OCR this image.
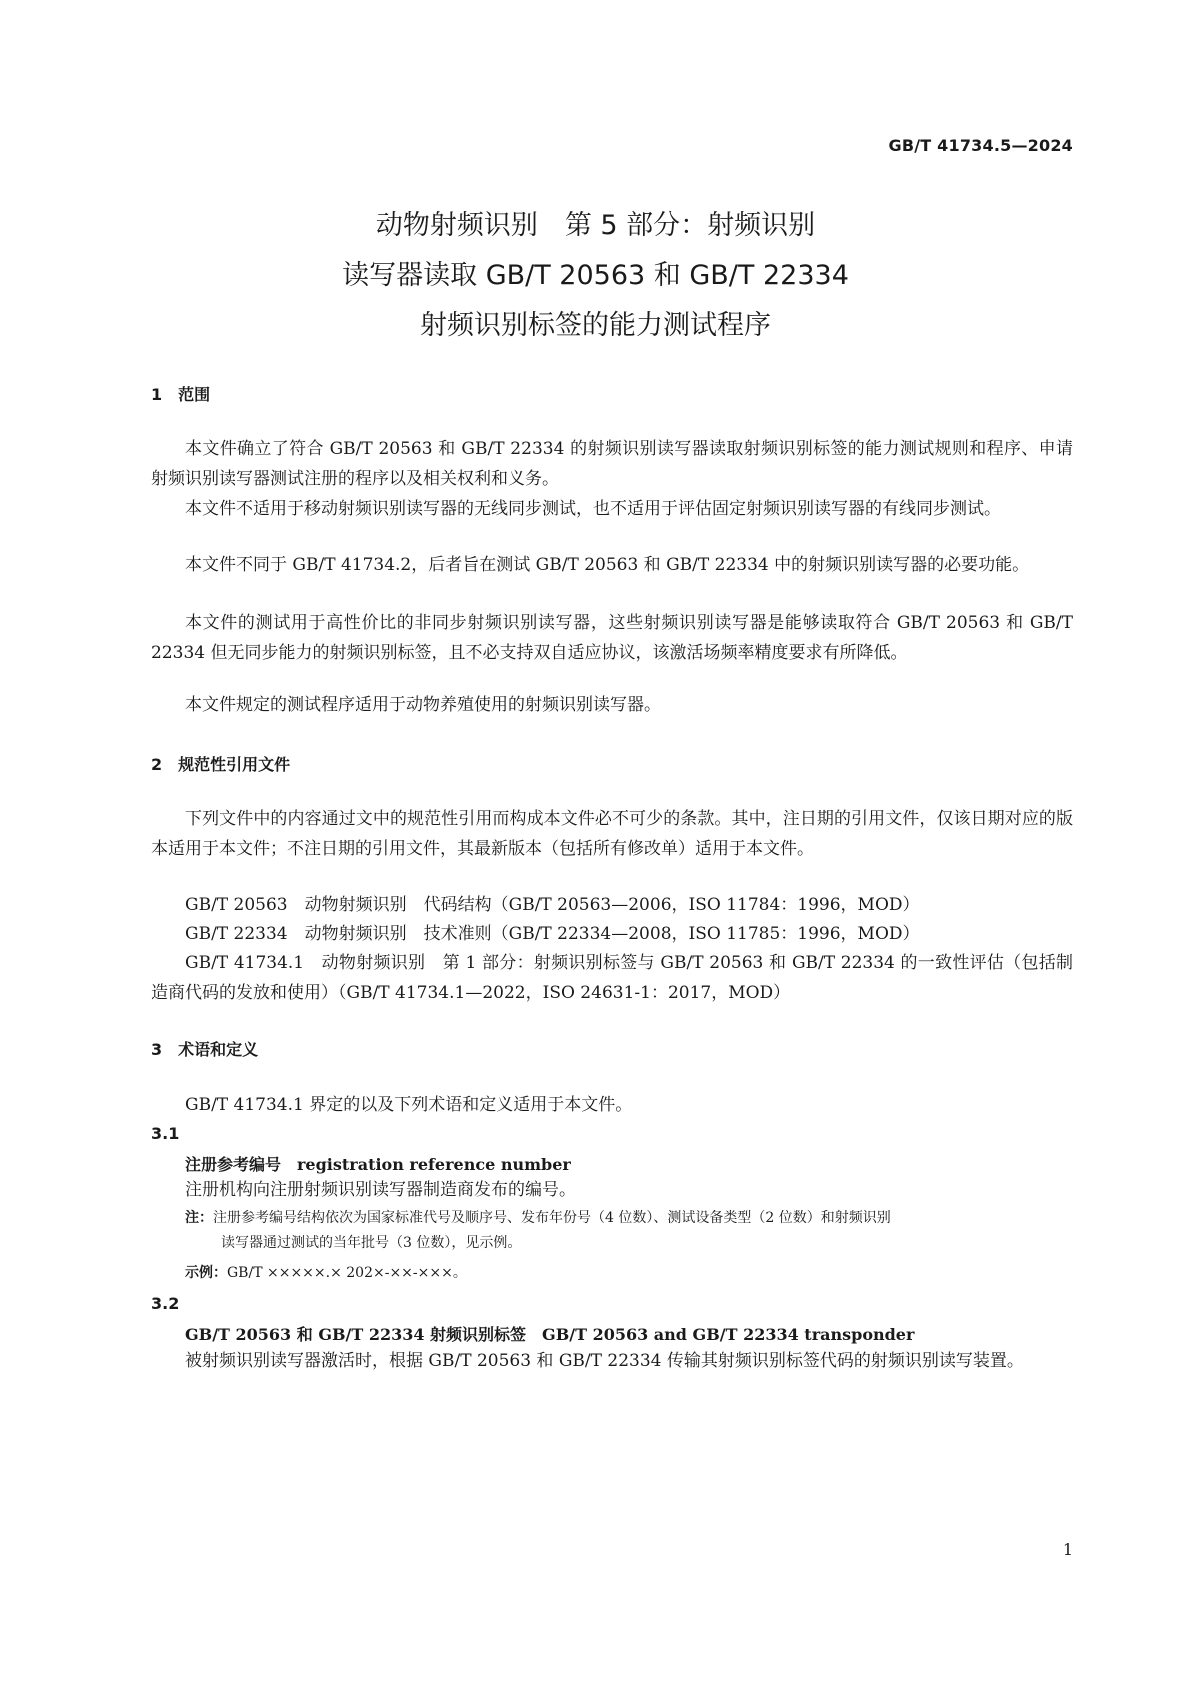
GB/T 41734.5—2024
动物射频识别　第 5 部分：射频识别
读写器读取 GB/T 20563 和 GB/T 22334
射频识别标签的能力测试程序
1　范围
本文件确立了符合 GB/T 20563 和 GB/T 22334 的射频识别读写器读取射频识别标签的能力测试规则和程序、申请射频识别读写器测试注册的程序以及相关权利和义务。
本文件不适用于移动射频识别读写器的无线同步测试，也不适用于评估固定射频识别读写器的有线同步测试。
本文件不同于 GB/T 41734.2，后者旨在测试 GB/T 20563 和 GB/T 22334 中的射频识别读写器的必要功能。
本文件的测试用于高性价比的非同步射频识别读写器，这些射频识别读写器是能够读取符合 GB/T 20563 和 GB/T 22334 但无同步能力的射频识别标签，且不必支持双自适应协议，该激活场频率精度要求有所降低。
本文件规定的测试程序适用于动物养殖使用的射频识别读写器。
2　规范性引用文件
下列文件中的内容通过文中的规范性引用而构成本文件必不可少的条款。其中，注日期的引用文件，仅该日期对应的版本适用于本文件；不注日期的引用文件，其最新版本（包括所有修改单）适用于本文件。
GB/T 20563　动物射频识别　代码结构（GB/T 20563—2006，ISO 11784：1996，MOD）
GB/T 22334　动物射频识别　技术准则（GB/T 22334—2008，ISO 11785：1996，MOD）
GB/T 41734.1　动物射频识别　第 1 部分：射频识别标签与 GB/T 20563 和 GB/T 22334 的一致性评估（包括制造商代码的发放和使用）（GB/T 41734.1—2022，ISO 24631-1：2017，MOD）
3　术语和定义
GB/T 41734.1 界定的以及下列术语和定义适用于本文件。
3.1
注册参考编号　registration reference number
注册机构向注册射频识别读写器制造商发布的编号。
注：注册参考编号结构依次为国家标准代号及顺序号、发布年份号（4 位数）、测试设备类型（2 位数）和射频识别
读写器通过测试的当年批号（3 位数），见示例。
示例：GB/T ×××××.× 202×-××-×××。
3.2
GB/T 20563 和 GB/T 22334 射频识别标签　GB/T 20563 and GB/T 22334 transponder
被射频识别读写器激活时，根据 GB/T 20563 和 GB/T 22334 传输其射频识别标签代码的射频识别读写装置。
1
